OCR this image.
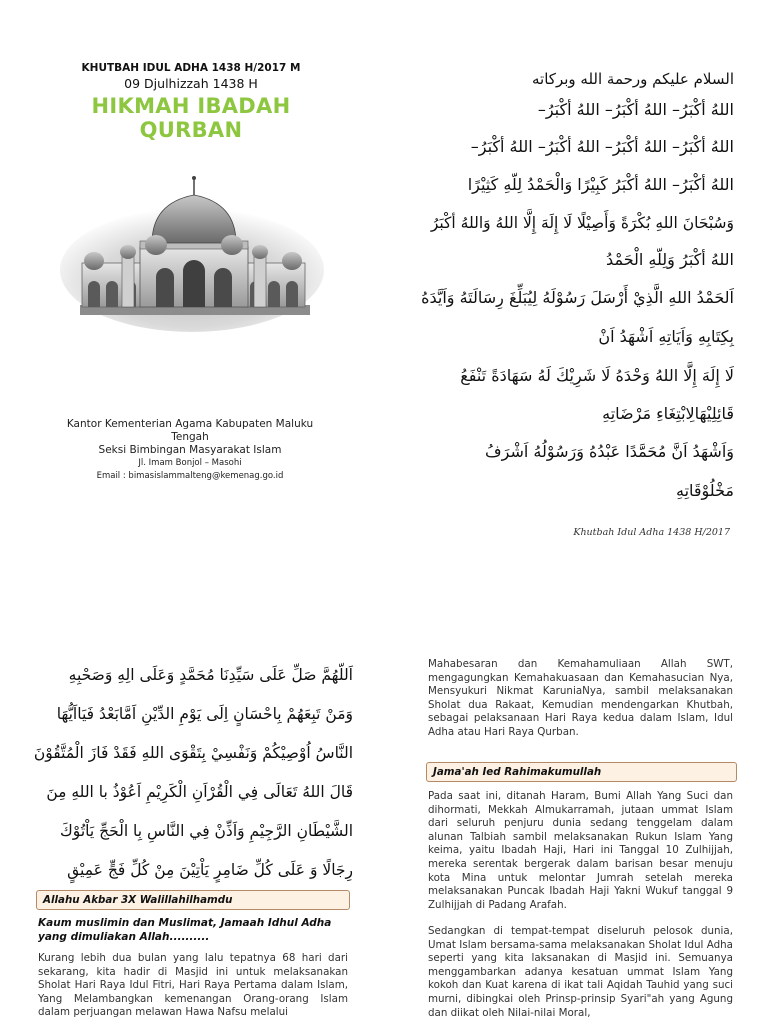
KHUTBAH IDUL ADHA 1438 H/2017 M
09 Djulhizzah 1438 H
HIKMAH IBADAH QURBAN
Kantor Kementerian Agama Kabupaten Maluku Tengah
Seksi Bimbingan Masyarakat Islam
Jl. Imam Bonjol – Masohi
Email : bimasislammalteng@kemenag.go.id
السلام عليكم ورحمة الله وبركاته
اللهُ أكْبَرُ– اللهُ أكْبَرُ– اللهُ أكْبَرُ–
اللهُ أكْبَرُ– اللهُ أكْبَرُ– اللهُ أكْبَرُ– اللهُ أكْبَرُ–
اللهُ أكْبَرُ– اللهُ أكْبَرُ كَبِيْرًا وَالْحَمْدُ لِلّهِ كَثِيْرًا
وَسُبْحَانَ اللهِ بُكْرَةً وَأَصِيْلًا لَا إِلَهَ إِلَّا اللهُ وَاللهُ أكْبَرُ
اللهُ أكْبَرُ وَلِلّهِ الْحَمْدُ
اَلحَمْدُ اللهِ الَّذِيْ أَرْسَلَ رَسُوْلَهُ لِيُبَلِّغَ رِسَالَتَهُ وَاَيَّدَهُ
بِكِتَابِهِ وَاَيَاتِهِ اَشْهَدُ اَنْ
لَا إِلَهَ إِلَّا اللهُ وَحْدَهُ لَا شَرِيْكَ لَهُ سَهَادَةً تَنْفَعُ
قَائِلِيْهَالِابْتِغَاءِ مَرْضَاتِهِ
وَاَشْهَدُ اَنَّ مُحَمَّدًا عَبْدُهُ وَرَسُوْلُهُ اَشْرَفُ
مَخْلُوْقَاتِهِ
Khutbah Idul Adha 1438 H/2017
اَللّهُمَّ صَلِّ عَلَى سَيِّدِنَا مُحَمَّدٍ وَعَلَى الِهِ وَصَحْبِهِ
وَمَنْ تَبِعَهُمْ بِاحْسَانٍ اِلَى يَوْمِ الدِّيْنِ اَمَّابَعْدُ فَيَااَيُّهَا
النَّاسُ اُوْصِيْكُمْ وَنَفْسِيْ بِتَقْوَى اللهِ فَقَدْ فَازَ الْمُتَّقُوْنَ
قَالَ اللهُ تَعَالَى فِي الْقُرْاَنِ الْكَرِيْمِ اَعُوْذُ با اللهِ مِنَ
الشَّيْطَانِ الرَّجِيْمِ وَاَذِّنْ فِي النَّاسِ بِا الْحَجِّ يَاْتُوْكَ
رِجَالًا وَ عَلَى كُلِّ ضَامِرٍ يَاْتِيْنَ مِنْ كُلِّ فَجٍّ عَمِيْقٍ
Allahu Akbar 3X Walillahilhamdu
Kaum muslimin dan Muslimat, Jamaah Idhul Adha yang dimuliakan Allah..........
Kurang lebih dua bulan yang lalu tepatnya 68 hari dari sekarang, kita hadir di Masjid ini untuk melaksanakan Sholat Hari Raya Idul Fitri, Hari Raya Pertama dalam Islam, Yang Melambangkan kemenangan Orang-orang Islam dalam perjuangan melawan Hawa Nafsu melalui
Mahabesaran dan Kemahamuliaan Allah SWT, mengagungkan Kemahakuasaan dan Kemahasucian Nya, Mensyukuri Nikmat KaruniaNya, sambil melaksanakan Sholat dua Rakaat, Kemudian mendengarkan Khutbah, sebagai pelaksanaan Hari Raya kedua dalam Islam, Idul Adha atau Hari Raya Qurban.
Jama'ah Ied Rahimakumullah
Pada saat ini, ditanah Haram, Bumi Allah Yang Suci dan dihormati, Mekkah Almukarramah, jutaan ummat Islam dari seluruh penjuru dunia sedang tenggelam dalam alunan Talbiah sambil melaksanakan Rukun Islam Yang keima, yaitu Ibadah Haji, Hari ini Tanggal 10 Zulhijjah, mereka serentak bergerak dalam barisan besar menuju kota Mina untuk melontar Jumrah setelah mereka melaksanakan Puncak Ibadah Haji Yakni Wukuf tanggal 9 Zulhijjah di Padang Arafah.
Sedangkan di tempat-tempat diseluruh pelosok dunia, Umat Islam bersama-sama melaksanakan Sholat Idul Adha seperti yang kita laksanakan di Masjid ini. Semuanya menggambarkan adanya kesatuan ummat Islam Yang kokoh dan Kuat karena di ikat tali Aqidah Tauhid yang suci murni, dibingkai oleh Prinsp-prinsip Syari"ah yang Agung dan diikat oleh Nilai-nilai Moral,
